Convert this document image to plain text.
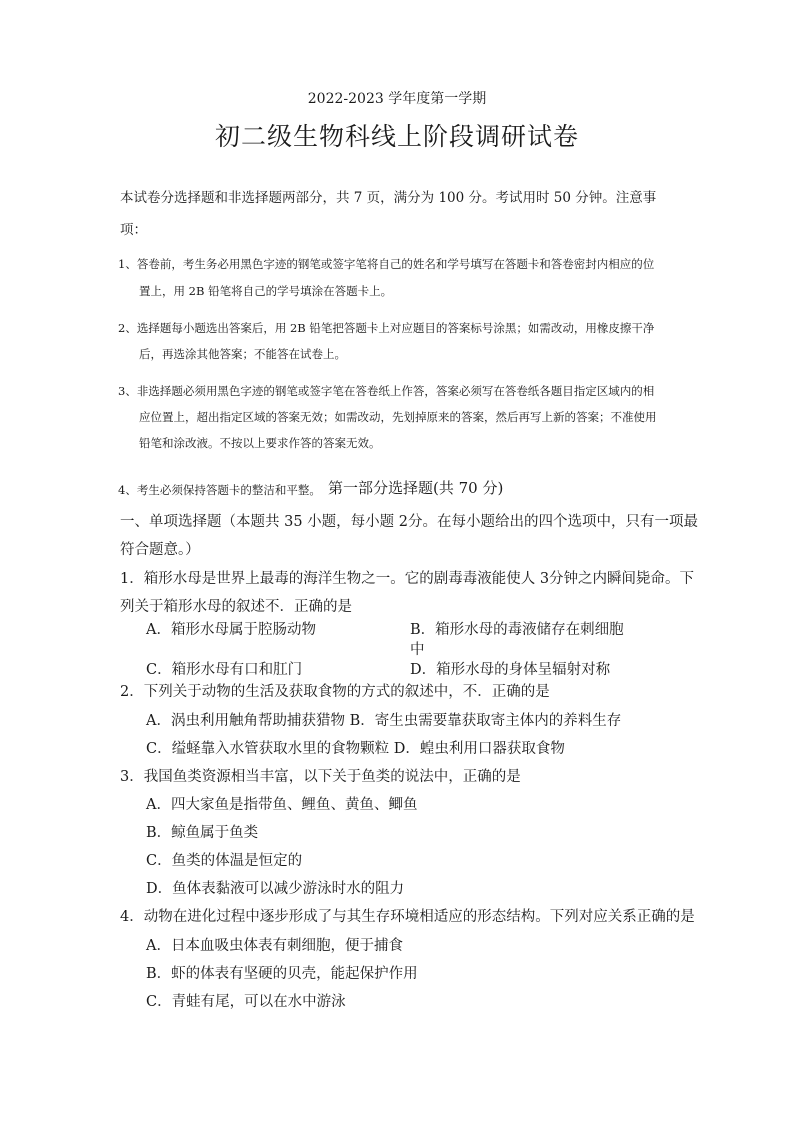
2022-2023 学年度第一学期
初二级生物科线上阶段调研试卷
本试卷分选择题和非选择题两部分，共 7 页，满分为 100 分。考试用时 50 分钟。注意事
项：
1、答卷前，考生务必用黑色字迹的钢笔或签字笔将自己的姓名和学号填写在答题卡和答卷密封内相应的位
置上，用 2B 铅笔将自己的学号填涂在答题卡上。
2、选择题每小题选出答案后，用 2B 铅笔把答题卡上对应题目的答案标号涂黑；如需改动，用橡皮擦干净
后，再选涂其他答案；不能答在试卷上。
3、非选择题必须用黑色字迹的钢笔或签字笔在答卷纸上作答，答案必须写在答卷纸各题目指定区域内的相
应位置上，超出指定区域的答案无效；如需改动，先划掉原来的答案，然后再写上新的答案；不准使用
铅笔和涂改液。不按以上要求作答的答案无效。
4、考生必须保持答题卡的整洁和平整。 第一部分选择题(共 70 分)
一、单项选择题（本题共 35 小题，每小题 2分。在每小题给出的四个选项中，只有一项最
符合题意。）
1．箱形水母是世界上最毒的海洋生物之一。它的剧毒毒液能使人 3分钟之内瞬间毙命。下
列关于箱形水母的叙述不．正确的是
A．箱形水母属于腔肠动物	B．箱形水母的毒液储存在刺细胞
中
C．箱形水母有口和肛门	D．箱形水母的身体呈辐射对称
2．下列关于动物的生活及获取食物的方式的叙述中，不．正确的是
A．涡虫利用触角帮助捕获猎物 B．寄生虫需要靠获取寄主体内的养料生存
C．缢蛏靠入水管获取水里的食物颗粒 D．蝗虫利用口器获取食物
3．我国鱼类资源相当丰富，以下关于鱼类的说法中，正确的是
A．四大家鱼是指带鱼、鲤鱼、黄鱼、鲫鱼
B．鲸鱼属于鱼类
C．鱼类的体温是恒定的
D．鱼体表黏液可以减少游泳时水的阻力
4．动物在进化过程中逐步形成了与其生存环境相适应的形态结构。下列对应关系正确的是
A．日本血吸虫体表有刺细胞，便于捕食
B．虾的体表有坚硬的贝壳，能起保护作用
C．青蛙有尾，可以在水中游泳
